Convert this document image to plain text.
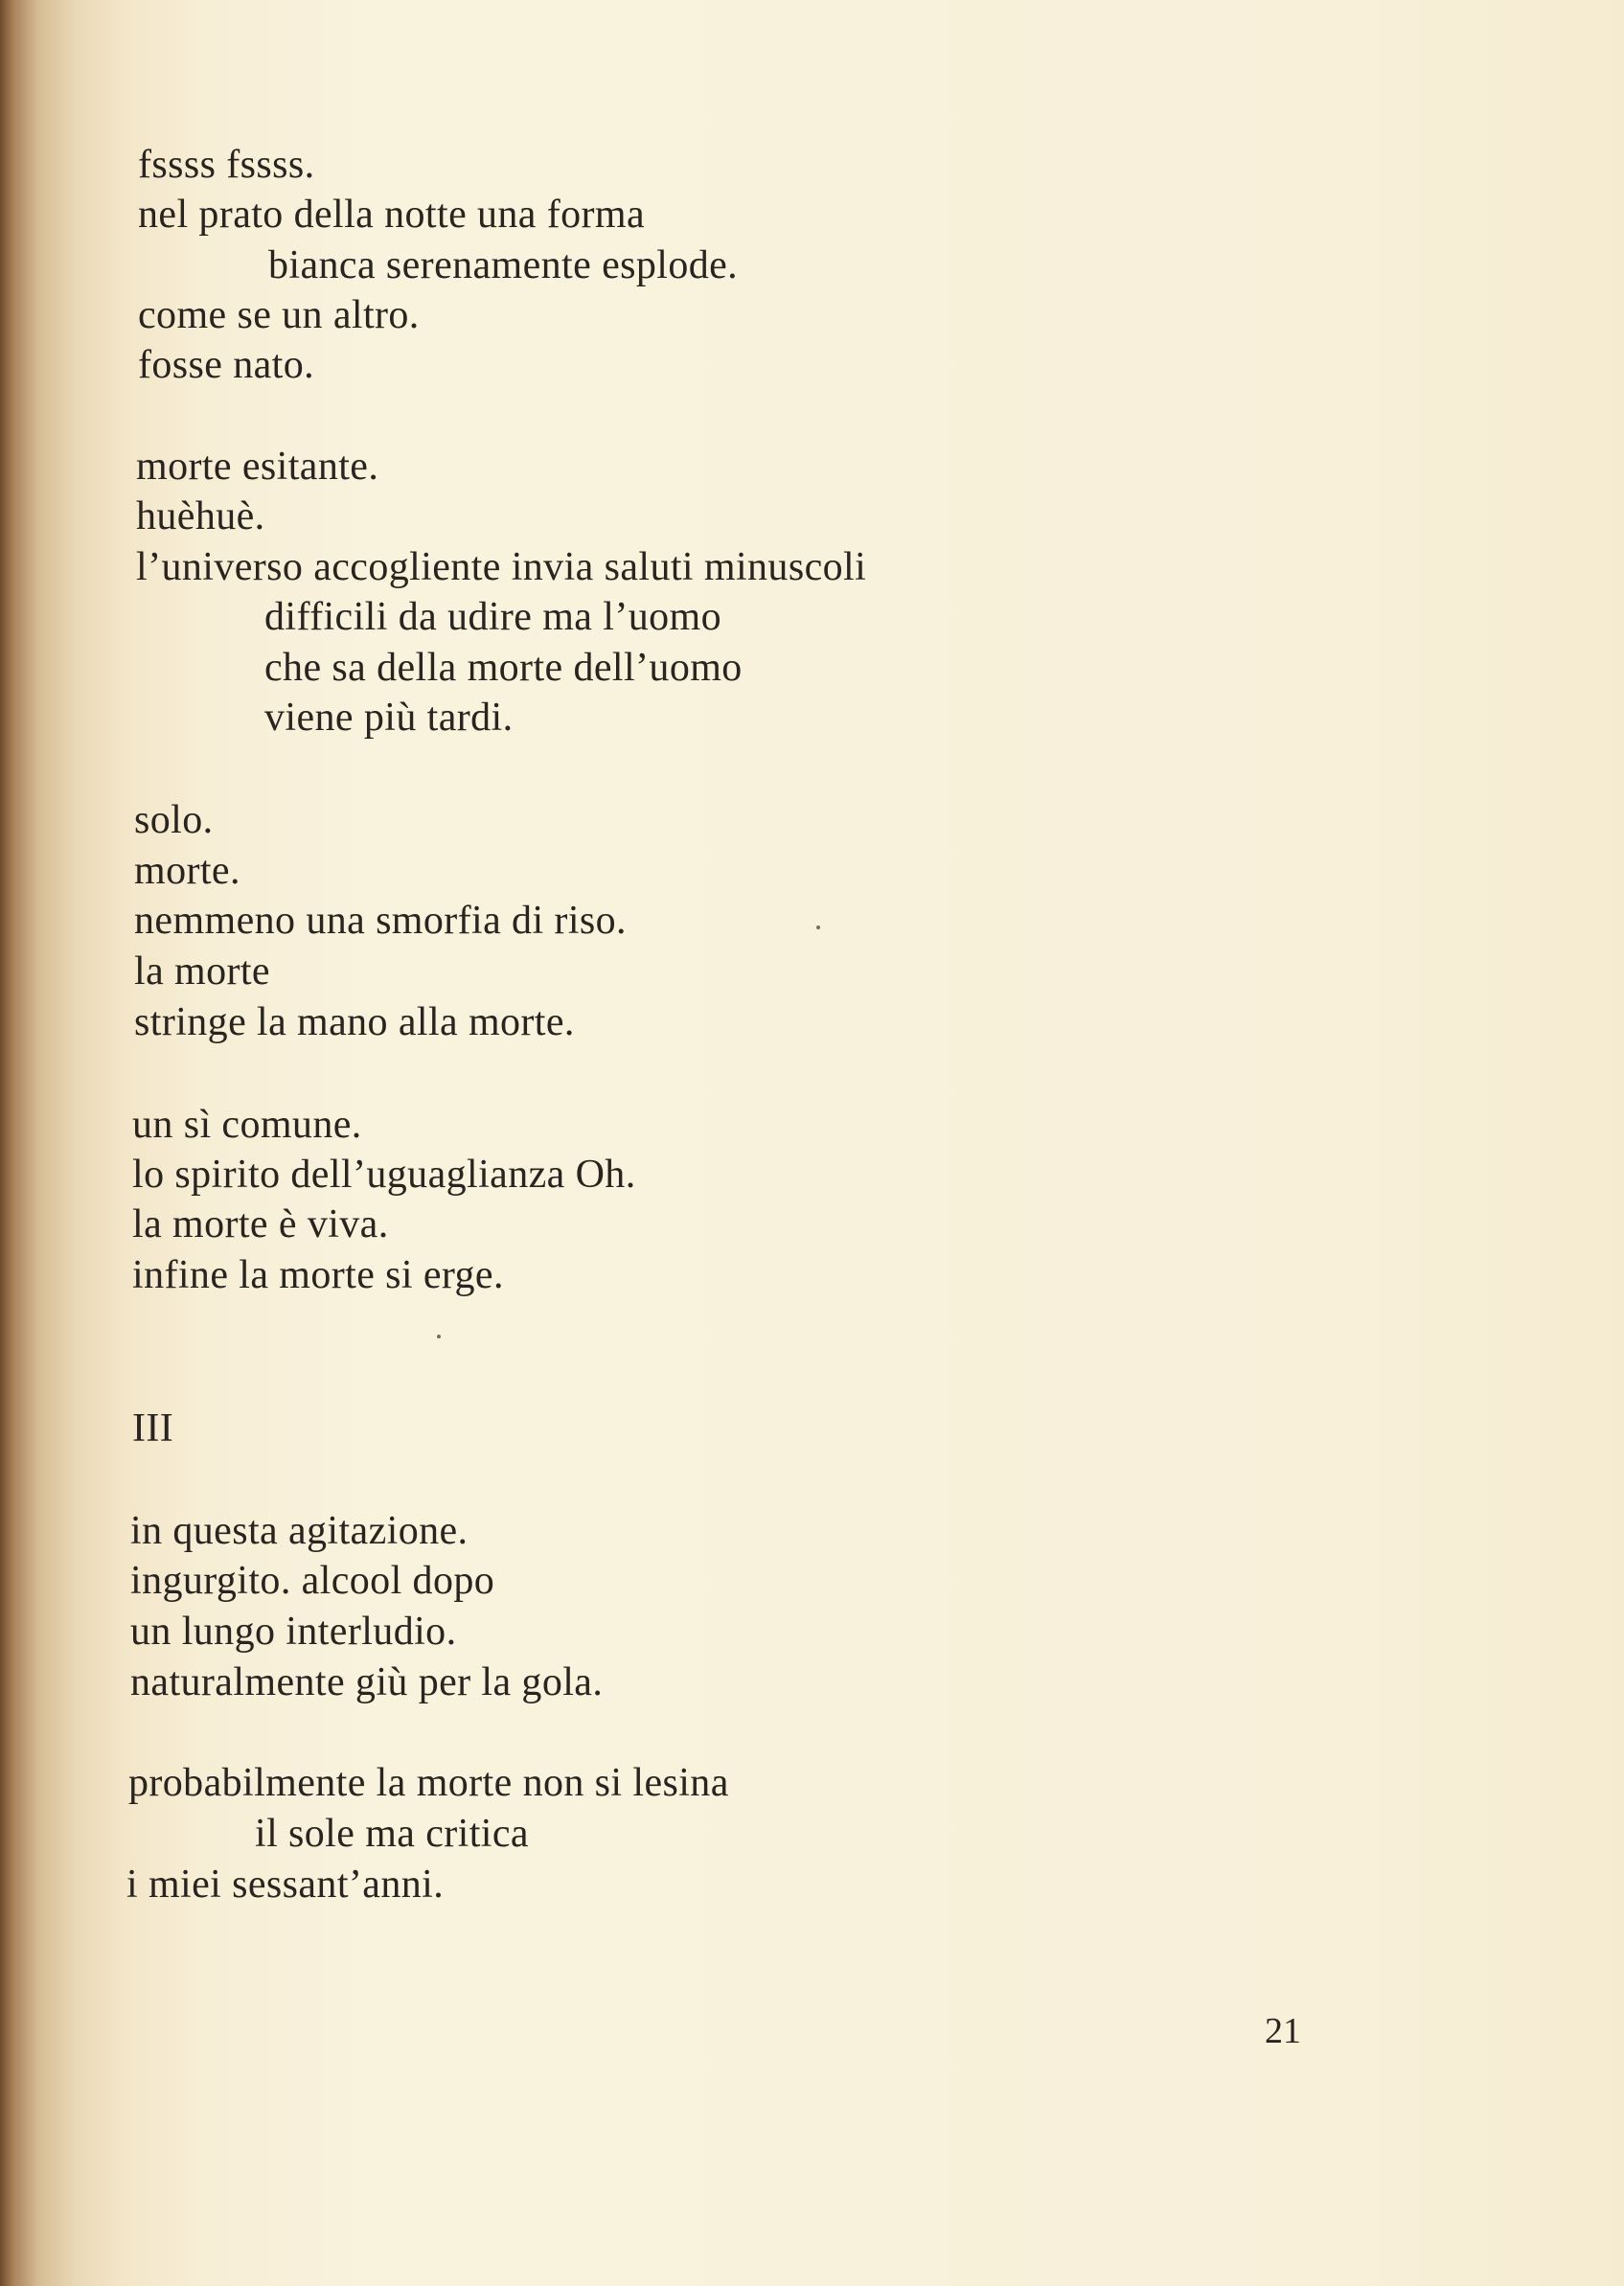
fssss fssss.
nel prato della notte una forma
bianca serenamente esplode.
come se un altro.
fosse nato.
morte esitante.
huèhuè.
l’universo accogliente invia saluti minuscoli
difficili da udire ma l’uomo
che sa della morte dell’uomo
viene più tardi.
solo.
morte.
nemmeno una smorfia di riso.
la morte
stringe la mano alla morte.
un sì comune.
lo spirito dell’uguaglianza Oh.
la morte è viva.
infine la morte si erge.
III
in questa agitazione.
ingurgito. alcool dopo
un lungo interludio.
naturalmente giù per la gola.
probabilmente la morte non si lesina
il sole ma critica
i miei sessant’anni.
21
